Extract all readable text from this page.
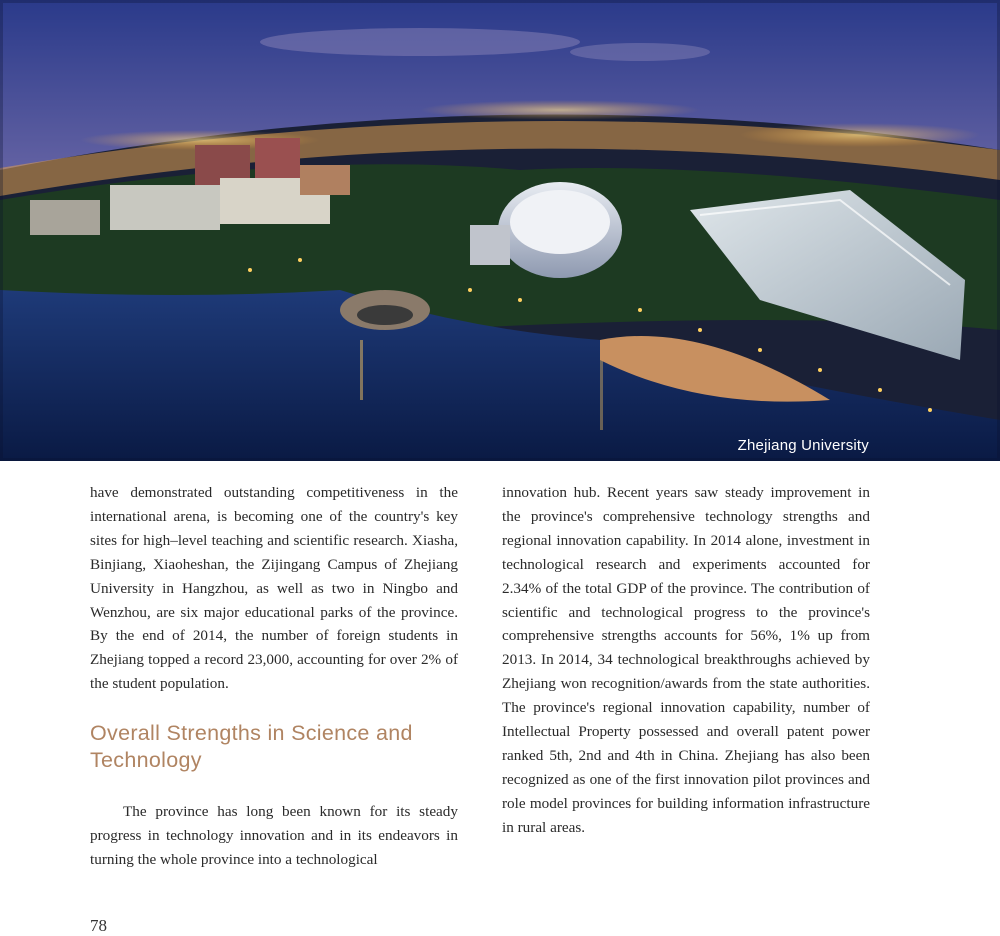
Zhejiang University

have demonstrated outstanding competitiveness in the international arena, is becoming one of the country's key sites for high–level teaching and scientific research. Xiasha, Binjiang, Xiaoheshan, the Zijingang Campus of Zhejiang University in Hangzhou, as well as two in Ningbo and Wenzhou, are six major educational parks of the province. By the end of 2014, the number of foreign students in Zhejiang topped a record 23,000, accounting for over 2% of the student population.

Overall Strengths in Science and Technology

The province has long been known for its steady progress in technology innovation and in its endeavors in turning the whole province into a technological

innovation hub. Recent years saw steady improvement in the province's comprehensive technology strengths and regional innovation capability. In 2014 alone, investment in technological research and experiments accounted for 2.34% of the total GDP of the province. The contribution of scientific and technological progress to the province's comprehensive strengths accounts for 56%, 1% up from 2013. In 2014, 34 technological breakthroughs achieved by Zhejiang won recognition/awards from the state authorities. The province's regional innovation capability, number of Intellectual Property possessed and overall patent power ranked 5th, 2nd and 4th in China. Zhejiang has also been recognized as one of the first innovation pilot provinces and role model provinces for building information infrastructure in rural areas.

78
